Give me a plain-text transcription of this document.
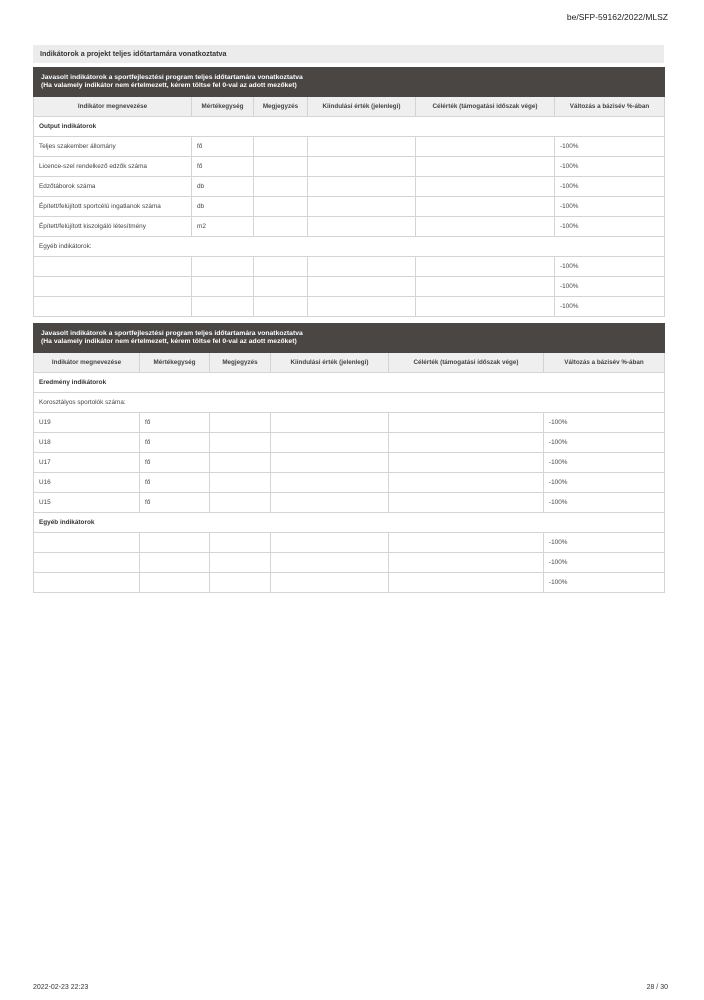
be/SFP-59162/2022/MLSZ
Indikátorok a projekt teljes időtartamára vonatkoztatva
Javasolt indikátorok a sportfejlesztési program teljes időtartamára vonatkoztatva
(Ha valamely indikátor nem értelmezett, kérem töltse fel 0-val az adott mezőket)					

Indikátor megnevezése	Mértékegység	Megjegyzés	Kiindulási érték (jelenlegi)	Célérték (támogatási időszak vége)	Változás a bázisév %-ában
Output indikátorok					
Teljes szakember állomány	fő				-100%
Licence-szel rendelkező edzők száma	fő				-100%
Edzőtáborok száma	db				-100%
Épített/felújított sportcélú ingatlanok száma	db				-100%
Épített/felújított kiszolgáló létesítmény	m2				-100%
Egyéb indikátorok:					
					-100%
					-100%
					-100%
Javasolt indikátorok a sportfejlesztési program teljes időtartamára vonatkoztatva
(Ha valamely indikátor nem értelmezett, kérem töltse fel 0-val az adott mezőket)					

Indikátor megnevezése	Mértékegység	Megjegyzés	Kiindulási érték (jelenlegi)	Célérték (támogatási időszak vége)	Változás a bázisév %-ában
Eredmény indikátorok					
Korosztályos sportolók száma:					
U19	fő				-100%
U18	fő				-100%
U17	fő				-100%
U16	fő				-100%
U15	fő				-100%
Egyéb indikátorok					
					-100%
					-100%
					-100%
2022-02-23 22:23	28 / 30
